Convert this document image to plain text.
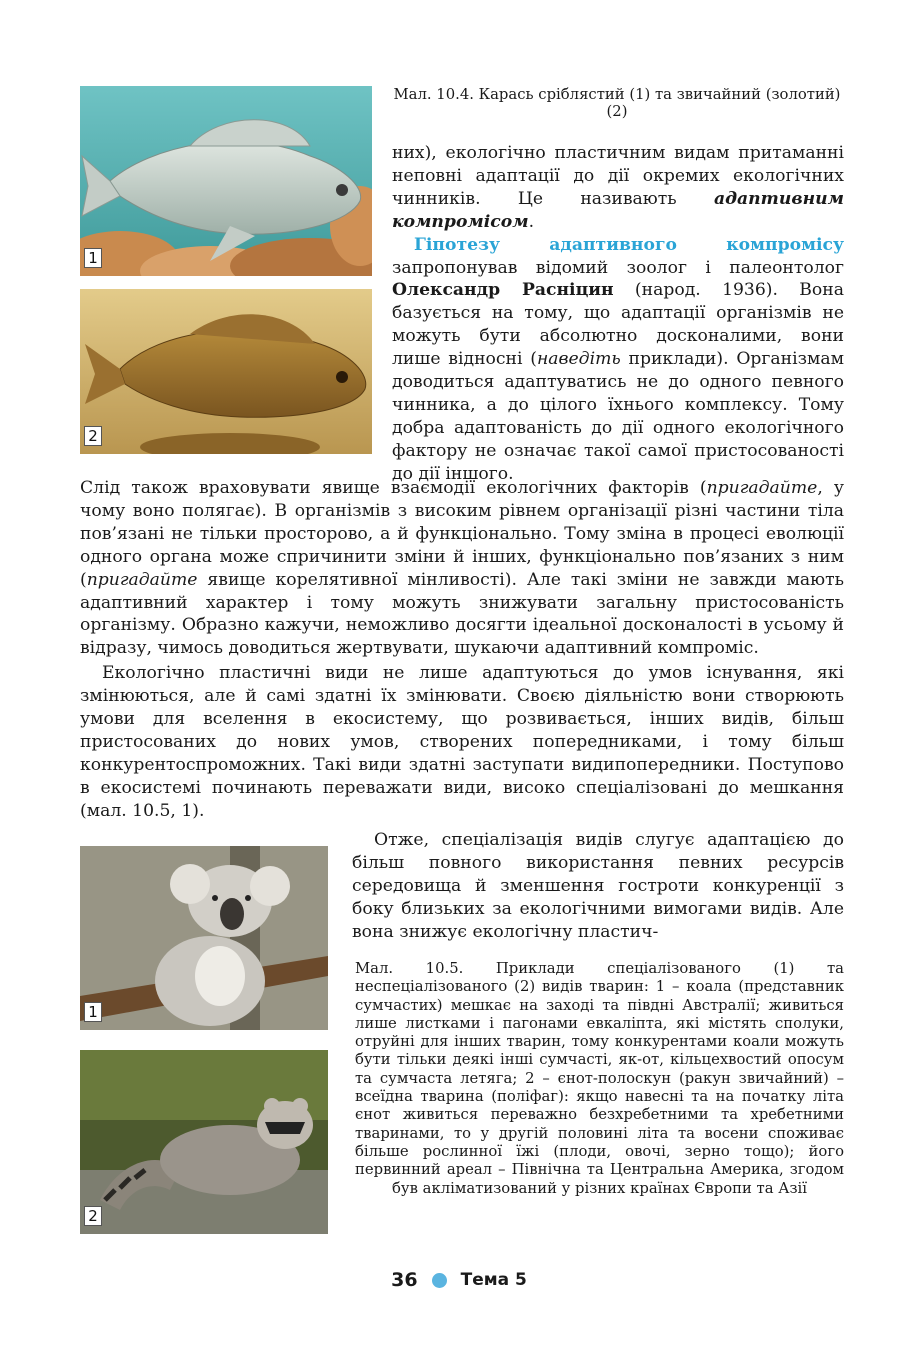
1
2
Мал. 10.4. Карась сріблястий (1) та звичайний (золотий) (2)

них), екологічно пластичним видам притаманні неповні адаптації до дії окремих екологічних чинників. Це називають адаптивним компромісом.

Гіпотезу адаптивного компромісу запропонував відомий зоолог і палеонтолог Олександр Расніцин (народ. 1936). Вона базується на тому, що адаптації організмів не можуть бути абсолютно досконалими, вони лише відносні (наведіть приклади). Організмам доводиться адаптуватись не до одного певного чинника, а до цілого їхнього комплексу. Тому добра адаптованість до дії одного екологічного фактору не означає такої самої пристосованості до дії іншого.

Слід також враховувати явище взаємодії екологічних факторів (пригадайте, у чому воно полягає). В організмів з високим рівнем організації різні частини тіла пов’язані не тільки просторово, а й функціонально. Тому зміна в процесі еволюції одного органа може спричинити зміни й інших, функціонально пов’язаних з ним (пригадайте явище корелятивної мінливості). Але такі зміни не завжди мають адаптивний характер і тому можуть знижувати загальну пристосованість організму. Образно кажучи, неможливо досягти ідеальної досконалості в усьому й відразу, чимось доводиться жертвувати, шукаючи адаптивний компроміс.

Екологічно пластичні види не лише адаптуються до умов існування, які змінюються, але й самі здатні їх змінювати. Своєю діяльністю вони створюють умови для вселення в екосистему, що розвивається, інших видів, більш пристосованих до нових умов, створених попередниками, і тому більш конкурентоспроможних. Такі види здатні заступати видипопередники. Поступово в екосистемі починають переважати види, високо спеціалізовані до мешкання (мал. 10.5, 1).

1
2

Отже, спеціалізація видів слугує адаптацією до більш повного використання певних ресурсів середовища й зменшення гостроти конкуренції з боку близьких за екологічними вимогами видів. Але вона знижує екологічну пластич-

Мал. 10.5. Приклади спеціалізованого (1) та неспеціалізованого (2) видів тварин: 1 – коала (представник сумчастих) мешкає на заході та півдні Австралії; живиться лише листками і пагонами евкаліпта, які містять сполуки, отруйні для інших тварин, тому конкурентами коали можуть бути тільки деякі інші сумчасті, як-от, кільцехвостий опосум та сумчаста летяга; 2 – єнот-полоскун (ракун звичайний) – всеїдна тварина (поліфаг): якщо навесні та на початку літа єнот живиться переважно безхребетними та хребетними тваринами, то у другій половині літа та восени споживає більше рослинної їжі (плоди, овочі, зерно тощо); його первинний ареал – Північна та Центральна Америка, згодом був акліматизований у різних країнах Європи та Азії
36	Тема 5
